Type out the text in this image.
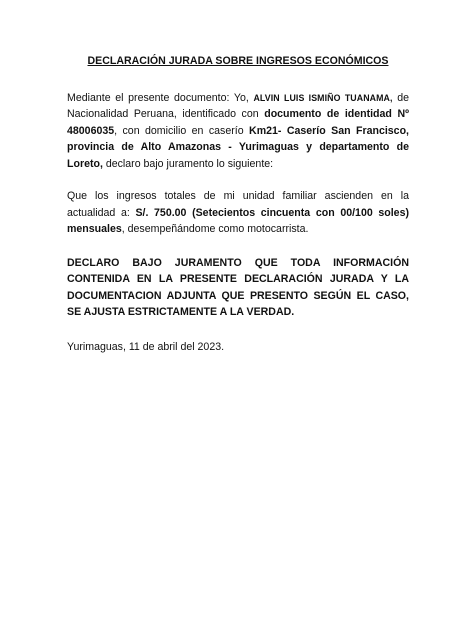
DECLARACIÓN JURADA SOBRE INGRESOS ECONÓMICOS

Mediante el presente documento: Yo, ALVIN LUIS ISMIÑO TUANAMA, de Nacionalidad Peruana, identificado con documento de identidad Nº 48006035, con domicilio en caserío Km21- Caserío San Francisco, provincia de Alto Amazonas - Yurimaguas y departamento de Loreto, declaro bajo juramento lo siguiente:

Que los ingresos totales de mi unidad familiar ascienden en la actualidad a: S/. 750.00 (Setecientos cincuenta con 00/100 soles) mensuales, desempeñándome como motocarrista.

DECLARO BAJO JURAMENTO QUE TODA INFORMACIÓN CONTENIDA EN LA PRESENTE DECLARACIÓN JURADA Y LA DOCUMENTACION ADJUNTA QUE PRESENTO SEGÚN EL CASO, SE AJUSTA ESTRICTAMENTE A LA VERDAD.

Yurimaguas, 11 de abril del 2023.
